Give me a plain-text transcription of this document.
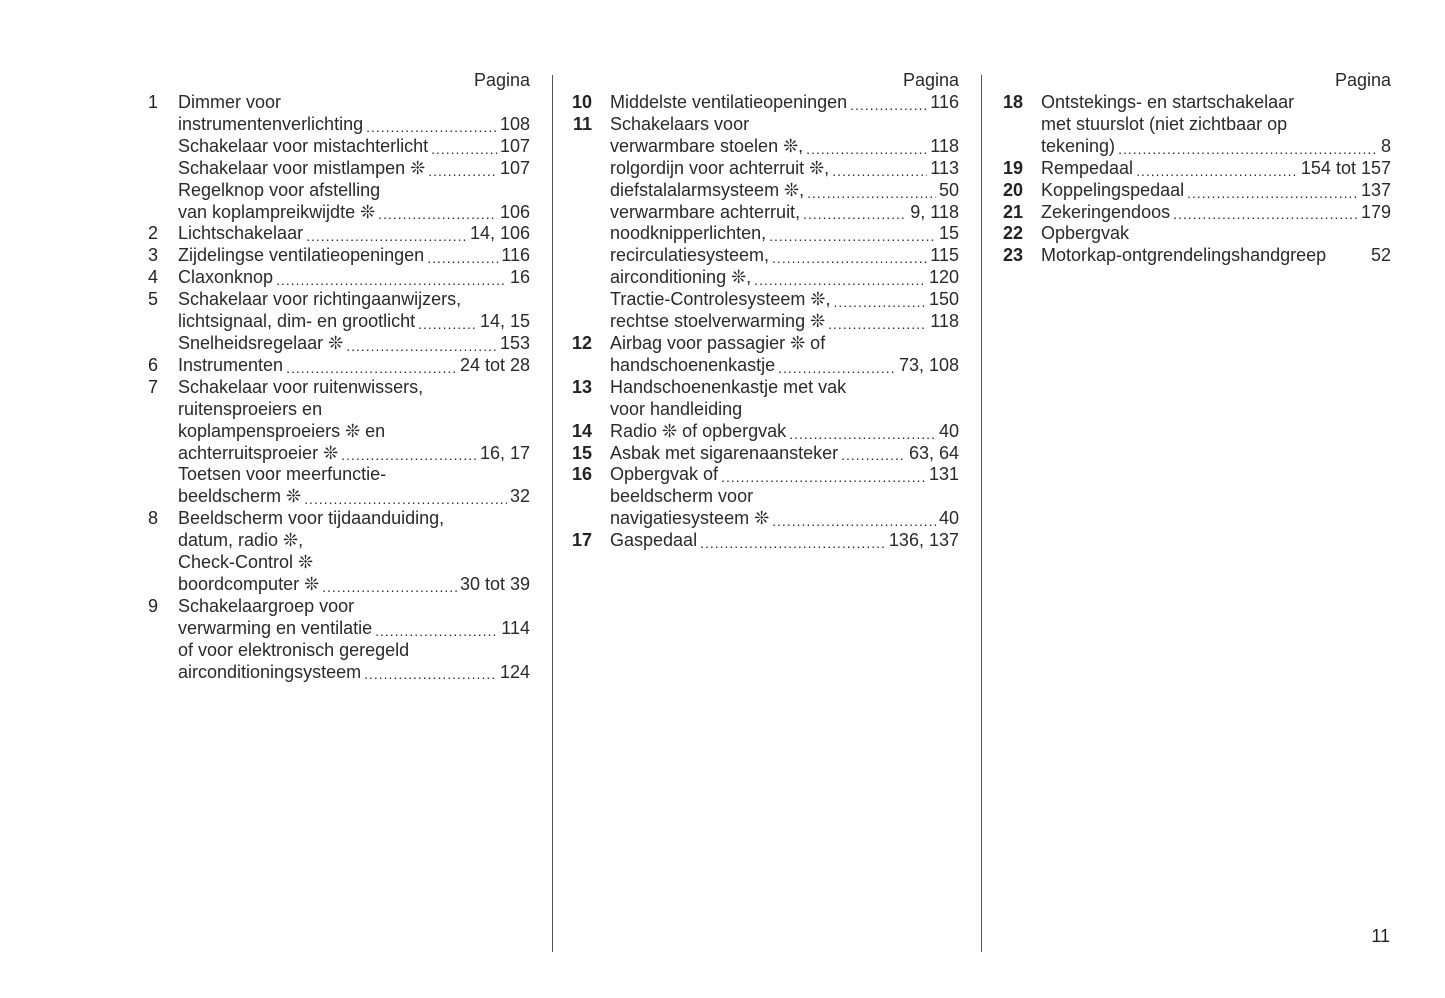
Pagina
1 Dimmer voor
instrumentenverlichting .....	108
Schakelaar voor mistachterlicht .....	107
Schakelaar voor mistlampen ❊ .....	107
Regelknop voor afstelling
van koplampreikwijdte ❊ .....	106
2 Lichtschakelaar .....	14, 106
3 Zijdelingse ventilatieopeningen .....	116
4 Claxonknop .....	16
5 Schakelaar voor richtingaanwijzers,
lichtsignaal, dim- en grootlicht .....	14, 15
Snelheidsregelaar ❊ .....	153
6 Instrumenten .....	24 tot 28
7 Schakelaar voor ruitenwissers,
ruitensproeiers en
koplampensproeiers ❊ en
achterruitsproeier ❊ .....	16, 17
Toetsen voor meerfunctie-
beeldscherm ❊ .....	32
8 Beeldscherm voor tijdaanduiding,
datum, radio ❊,
Check-Control ❊
boordcomputer ❊ .....	30 tot 39
9 Schakelaargroep voor
verwarming en ventilatie .....	114
of voor elektronisch geregeld
airconditioningsysteem .....	124
Pagina
10 Middelste ventilatieopeningen .....	116
11 Schakelaars voor
verwarmbare stoelen ❊, .....	118
rolgordijn voor achterruit ❊, .....	113
diefstalalarmsysteem ❊, .....	50
verwarmbare achterruit, .....	9, 118
noodknipperlichten, .....	15
recirculatiesysteem, .....	115
airconditioning ❊, .....	120
Tractie-Controlesysteem ❊, .....	150
rechtse stoelverwarming ❊ .....	118
12 Airbag voor passagier ❊ of
handschoenenkastje .....	73, 108
13 Handschoenenkastje met vak
voor handleiding
14 Radio ❊ of opbergvak .....	40
15 Asbak met sigarenaansteker .....	63, 64
16 Opbergvak of .....	131
beeldscherm voor
navigatiesysteem ❊ .....	40
17 Gaspedaal .....	136, 137
Pagina
18 Ontstekings- en startschakelaar
met stuurslot (niet zichtbaar op
tekening) .....	8
19 Rempedaal .....	154 tot 157
20 Koppelingspedaal .....	137
21 Zekeringendoos .....	179
22 Opbergvak
23 Motorkap-ontgrendelingshandgreep 52
11
